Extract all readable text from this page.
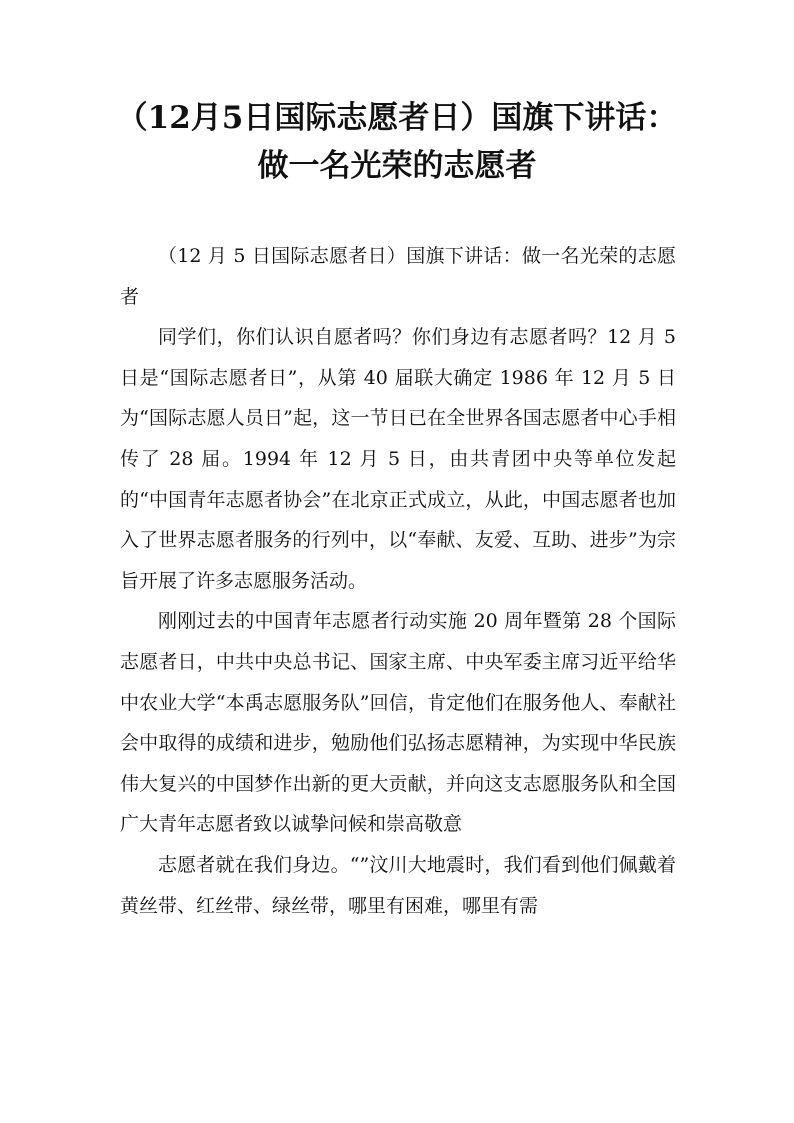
（12月5日国际志愿者日）国旗下讲话：
做一名光荣的志愿者

（12 月 5 日国际志愿者日）国旗下讲话：做一名光荣的志愿者

同学们，你们认识自愿者吗？你们身边有志愿者吗？12 月 5 日是“国际志愿者日”，从第 40 届联大确定 1986 年 12 月 5 日为“国际志愿人员日”起，这一节日已在全世界各国志愿者中心手相传了 28 届。1994 年 12 月 5 日，由共青团中央等单位发起的“中国青年志愿者协会”在北京正式成立，从此，中国志愿者也加入了世界志愿者服务的行列中，以“奉献、友爱、互助、进步”为宗旨开展了许多志愿服务活动。

刚刚过去的中国青年志愿者行动实施 20 周年暨第 28 个国际志愿者日，中共中央总书记、国家主席、中央军委主席习近平给华中农业大学“本禹志愿服务队”回信，肯定他们在服务他人、奉献社会中取得的成绩和进步，勉励他们弘扬志愿精神，为实现中华民族伟大复兴的中国梦作出新的更大贡献，并向这支志愿服务队和全国广大青年志愿者致以诚挚问候和崇高敬意

志愿者就在我们身边。“”汶川大地震时，我们看到他们佩戴着黄丝带、红丝带、绿丝带，哪里有困难，哪里有需
